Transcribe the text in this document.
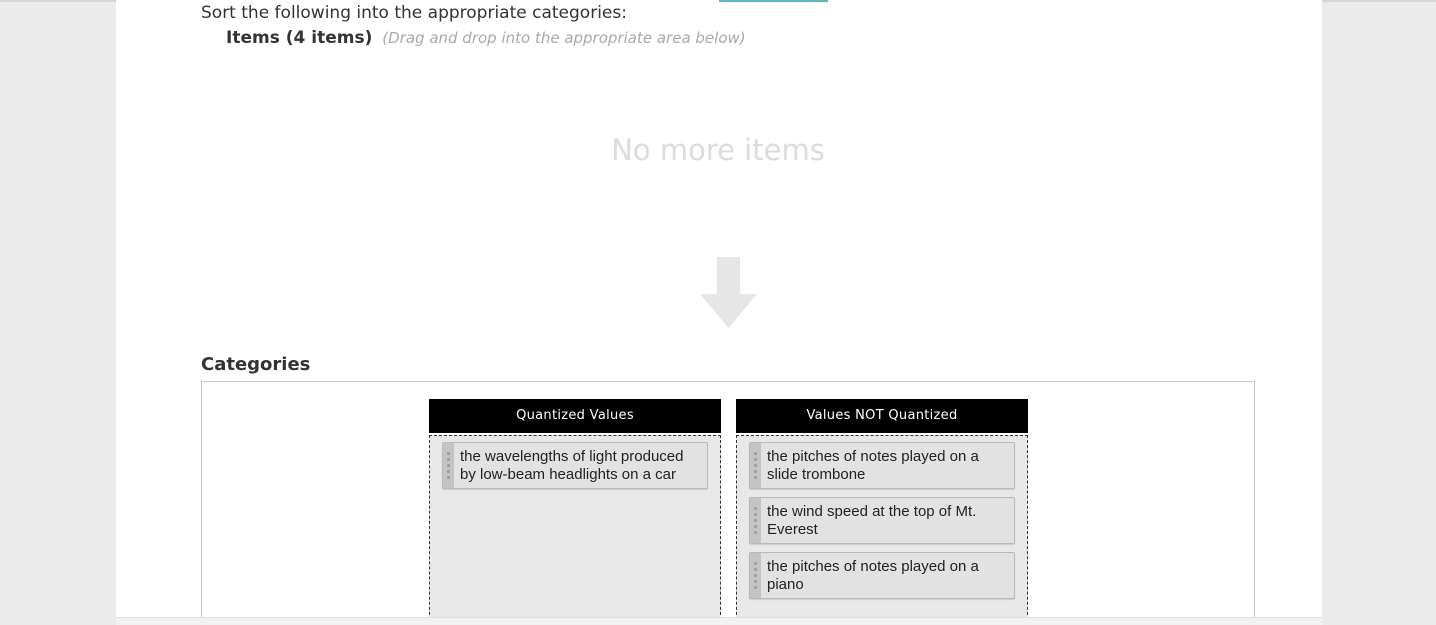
Sort the following into the appropriate categories:
Items (4 items) (Drag and drop into the appropriate area below)
No more items
Categories
Quantized Values
the wavelengths of light produced by low-beam headlights on a car
Values NOT Quantized
the pitches of notes played on a slide trombone
the wind speed at the top of Mt. Everest
the pitches of notes played on a piano
